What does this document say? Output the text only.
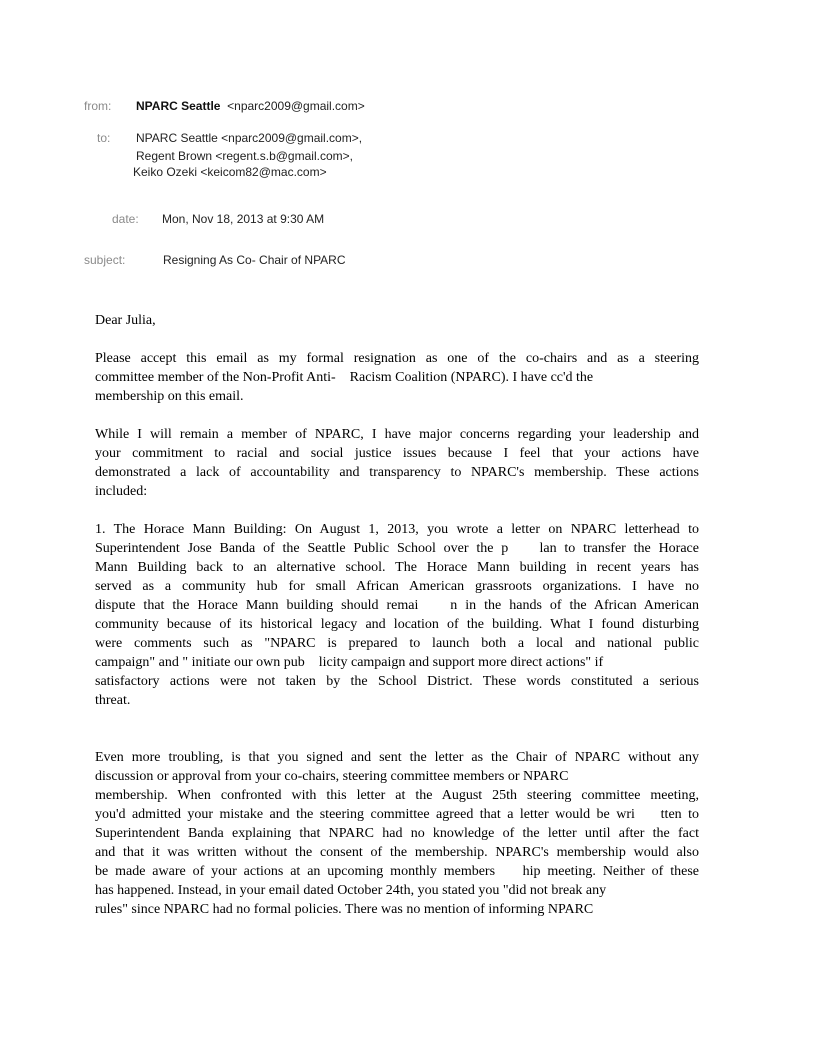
from: NPARC Seattle <nparc2009@gmail.com>
to: NPARC Seattle <nparc2009@gmail.com>,
Regent Brown <regent.s.b@gmail.com>,
Keiko Ozeki <keicom82@mac.com>
date: Mon, Nov 18, 2013 at 9:30 AM
subject:	Resigning As Co- Chair of NPARC

Dear Julia,

Please accept this email as my formal resignation as one of the co-chairs and as a steering
committee member of the Non-Profit Anti-    Racism Coalition (NPARC). I have cc'd the
membership on this email.

While I will remain a member of NPARC, I have major concerns regarding your leadership and
your commitment to racial and social justice issues because I feel that your actions have
demonstrated a lack of accountability and transparency to NPARC's membership. These actions
included:

1. The Horace Mann Building: On August 1, 2013, you wrote a letter on NPARC letterhead to
Superintendent Jose Banda of the Seattle Public School over the p    lan to transfer the Horace
Mann Building back to an alternative school. The Horace Mann building in recent years has
served as a community hub for small African American grassroots organizations. I have no
dispute that the Horace Mann building should remai    n in the hands of the African American
community because of its historical legacy and location of the building. What I found disturbing
were comments such as "NPARC is prepared to launch both a local and national public
campaign" and " initiate our own pub    licity campaign and support more direct actions" if
satisfactory actions were not taken by the School District. These words constituted a serious
threat.

Even more troubling, is that you signed and sent the letter as the Chair of NPARC without any
discussion or approval from your co-chairs, steering committee members or NPARC
membership. When confronted with this letter at the August 25th steering committee meeting,
you'd admitted your mistake and the steering committee agreed that a letter would be wri    tten to
Superintendent Banda explaining that NPARC had no knowledge of the letter until after the fact
and that it was written without the consent of the membership. NPARC's membership would also
be made aware of your actions at an upcoming monthly members    hip meeting. Neither of these
has happened. Instead, in your email dated October 24th, you stated you "did not break any
rules" since NPARC had no formal policies. There was no mention of informing NPARC
